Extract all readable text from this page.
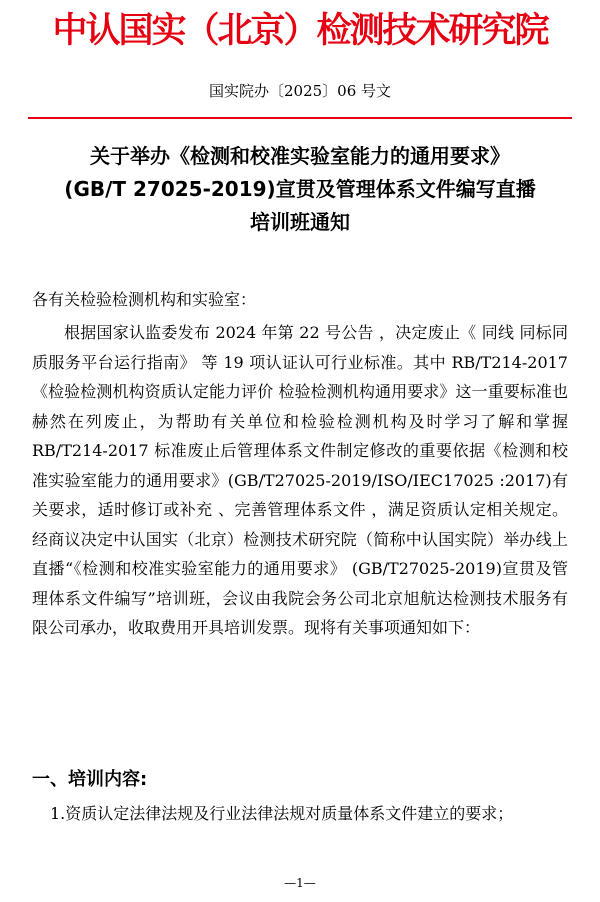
中认国实（北京）检测技术研究院
国实院办〔2025〕06 号文
关于举办《检测和校准实验室能力的通用要求》
(GB/T 27025-2019)宣贯及管理体系文件编写直播
培训班通知
各有关检验检测机构和实验室：
根据国家认监委发布 2024 年第 22 号公告 ，决定废止《 同线 同标同质服务平台运行指南》 等 19 项认证认可行业标准。其中 RB/T214-2017《检验检测机构资质认定能力评价 检验检测机构通用要求》这一重要标准也赫然在列废止，为帮助有关单位和检验检测机构及时学习了解和掌握 RB/T214-2017 标准废止后管理体系文件制定修改的重要依据《检测和校准实验室能力的通用要求》(GB/T27025-2019/ISO/IEC17025 :2017)有关要求，适时修订或补充 、完善管理体系文件 ，满足资质认定相关规定。 经商议决定中认国实（北京）检测技术研究院（简称中认国实院）举办线上直播“《检测和校准实验室能力的通用要求》 (GB/T27025-2019)宣贯及管理体系文件编写”培训班，会议由我院会务公司北京旭航达检测技术服务有限公司承办，收取费用开具培训发票。现将有关事项通知如下：
一、培训内容:
1.资质认定法律法规及行业法律法规对质量体系文件建立的要求；
—1—
